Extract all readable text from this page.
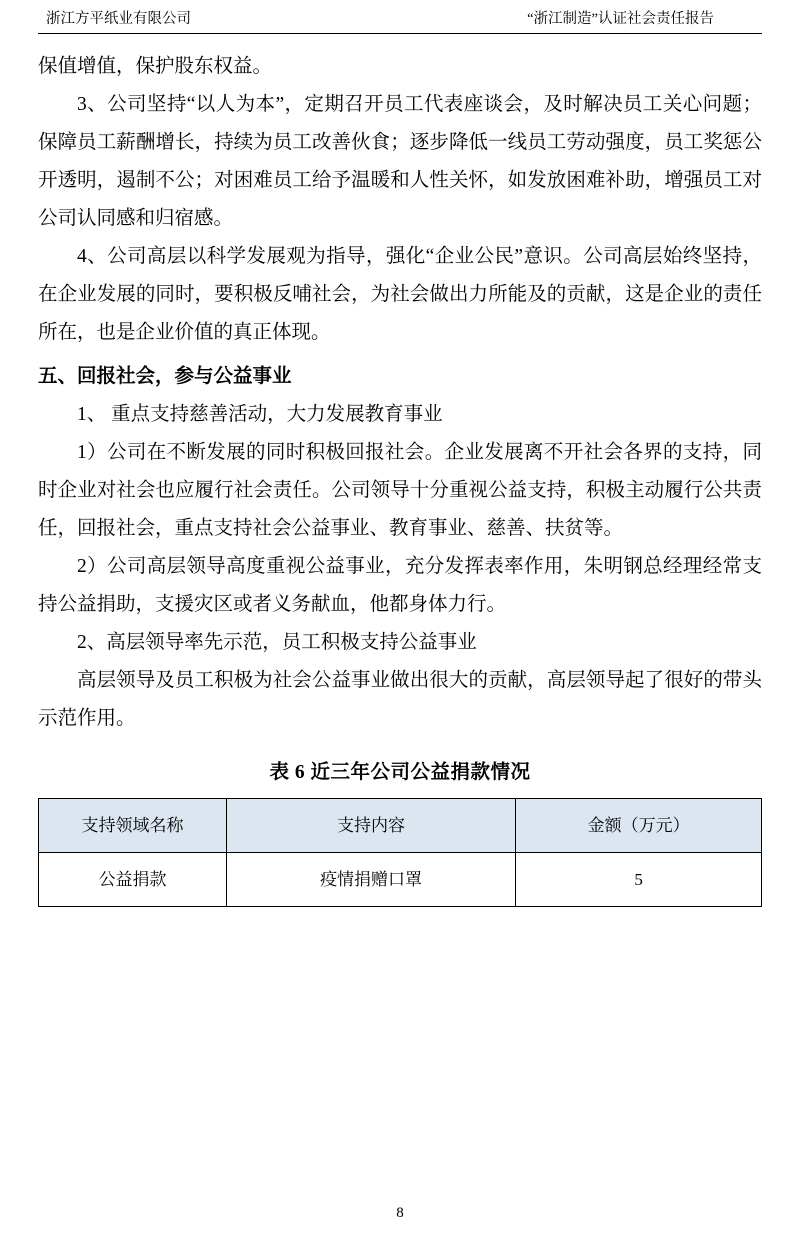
浙江方平纸业有限公司	“浙江制造”认证社会责任报告

保值增值，保护股东权益。

3、公司坚持“以人为本”，定期召开员工代表座谈会，及时解决员工关心问题；保障员工薪酬增长，持续为员工改善伙食；逐步降低一线员工劳动强度，员工奖惩公开透明，遏制不公；对困难员工给予温暖和人性关怀，如发放困难补助，增强员工对公司认同感和归宿感。

4、公司高层以科学发展观为指导，强化“企业公民”意识。公司高层始终坚持，在企业发展的同时，要积极反哺社会，为社会做出力所能及的贡献，这是企业的责任所在，也是企业价值的真正体现。

五、回报社会，参与公益事业

1、 重点支持慈善活动，大力发展教育事业

1）公司在不断发展的同时积极回报社会。企业发展离不开社会各界的支持，同时企业对社会也应履行社会责任。公司领导十分重视公益支持，积极主动履行公共责任，回报社会，重点支持社会公益事业、教育事业、慈善、扶贫等。

2）公司高层领导高度重视公益事业，充分发挥表率作用，朱明钢总经理经常支持公益捐助，支援灾区或者义务献血，他都身体力行。

2、高层领导率先示范，员工积极支持公益事业

高层领导及员工积极为社会公益事业做出很大的贡献，高层领导起了很好的带头示范作用。

表 6 近三年公司公益捐款情况
支持领域名称	支持内容	金额（万元）
公益捐款	疫情捐赠口罩	5
8
